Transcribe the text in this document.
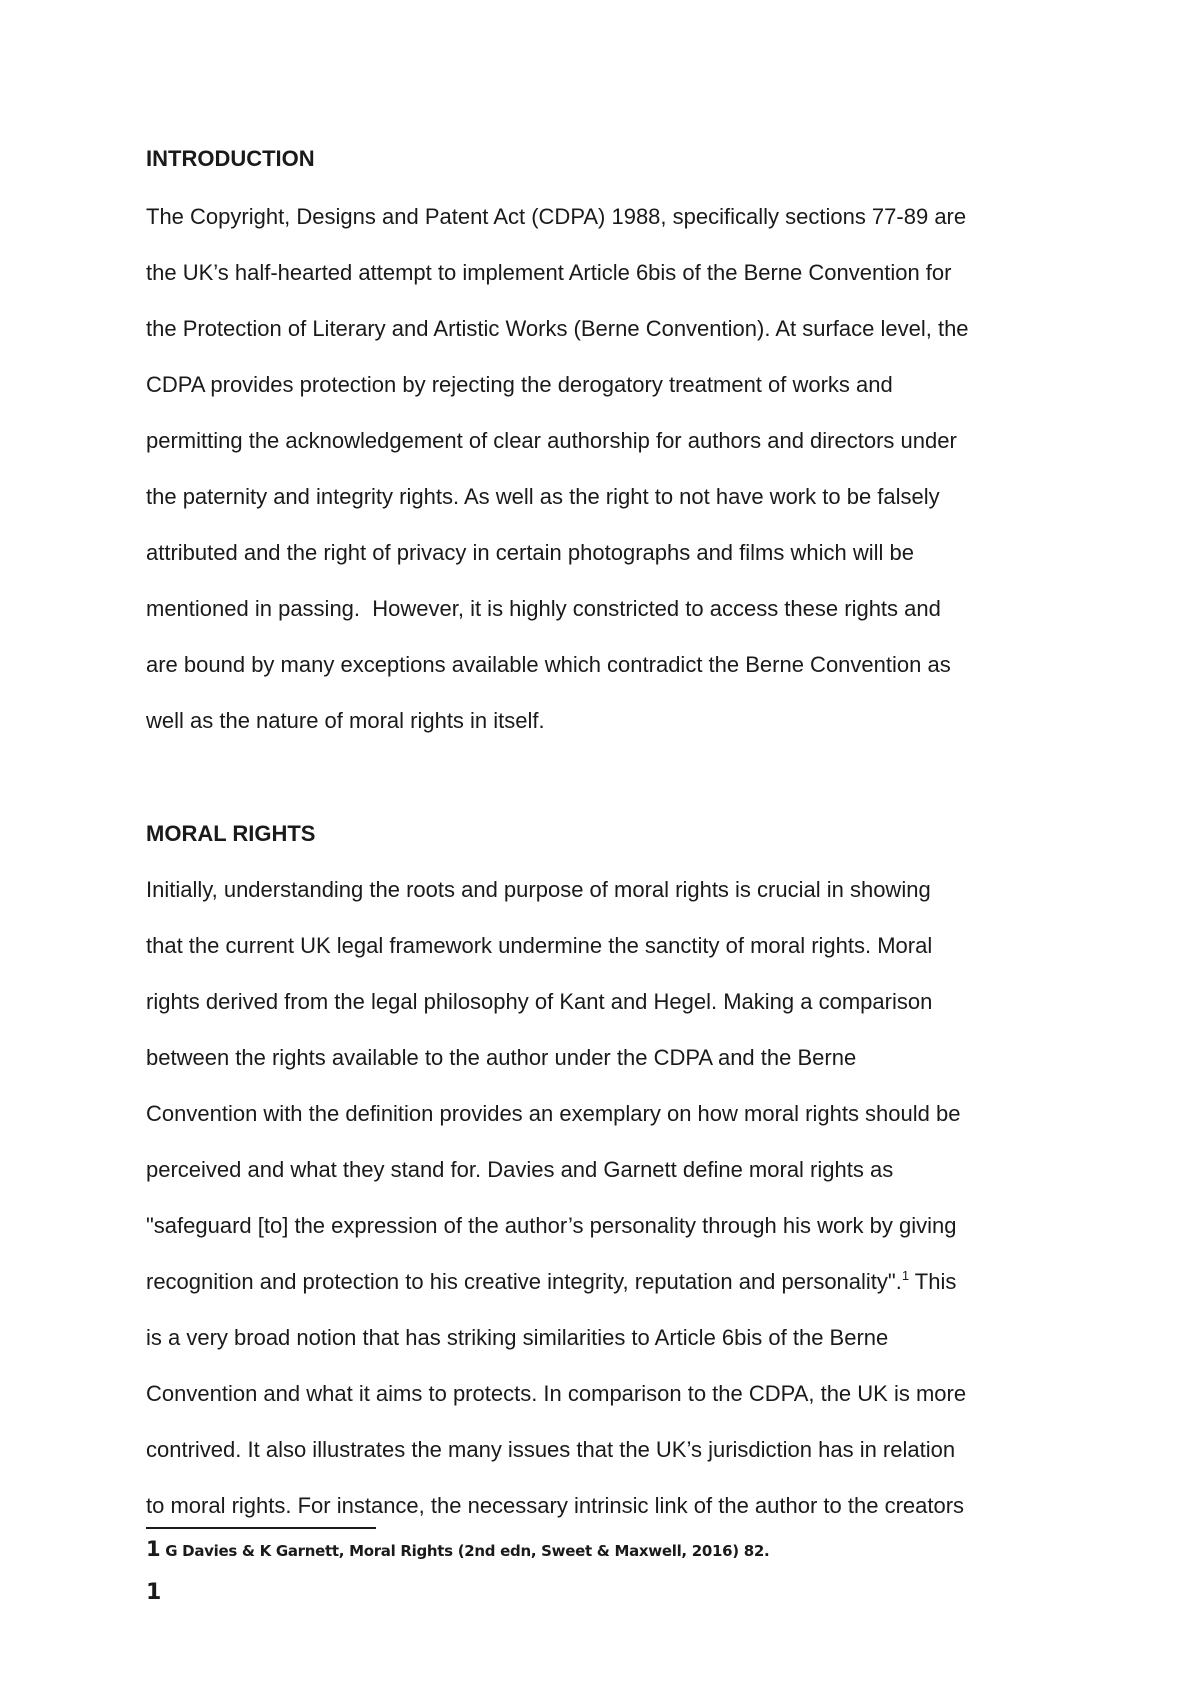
INTRODUCTION

The Copyright, Designs and Patent Act (CDPA) 1988, specifically sections 77-89 are

the UK’s half-hearted attempt to implement Article 6bis of the Berne Convention for

the Protection of Literary and Artistic Works (Berne Convention). At surface level, the

CDPA provides protection by rejecting the derogatory treatment of works and

permitting the acknowledgement of clear authorship for authors and directors under

the paternity and integrity rights. As well as the right to not have work to be falsely

attributed and the right of privacy in certain photographs and films which will be

mentioned in passing.  However, it is highly constricted to access these rights and

are bound by many exceptions available which contradict the Berne Convention as

well as the nature of moral rights in itself.

MORAL RIGHTS

Initially, understanding the roots and purpose of moral rights is crucial in showing

that the current UK legal framework undermine the sanctity of moral rights. Moral

rights derived from the legal philosophy of Kant and Hegel. Making a comparison

between the rights available to the author under the CDPA and the Berne

Convention with the definition provides an exemplary on how moral rights should be

perceived and what they stand for. Davies and Garnett define moral rights as

"safeguard [to] the expression of the author’s personality through his work by giving

recognition and protection to his creative integrity, reputation and personality".$^1$ This

is a very broad notion that has striking similarities to Article 6bis of the Berne

Convention and what it aims to protects. In comparison to the CDPA, the UK is more

contrived. It also illustrates the many issues that the UK’s jurisdiction has in relation

to moral rights. For instance, the necessary intrinsic link of the author to the creators

1 G Davies & K Garnett, Moral Rights (2nd edn, Sweet & Maxwell, 2016) 82.
1
